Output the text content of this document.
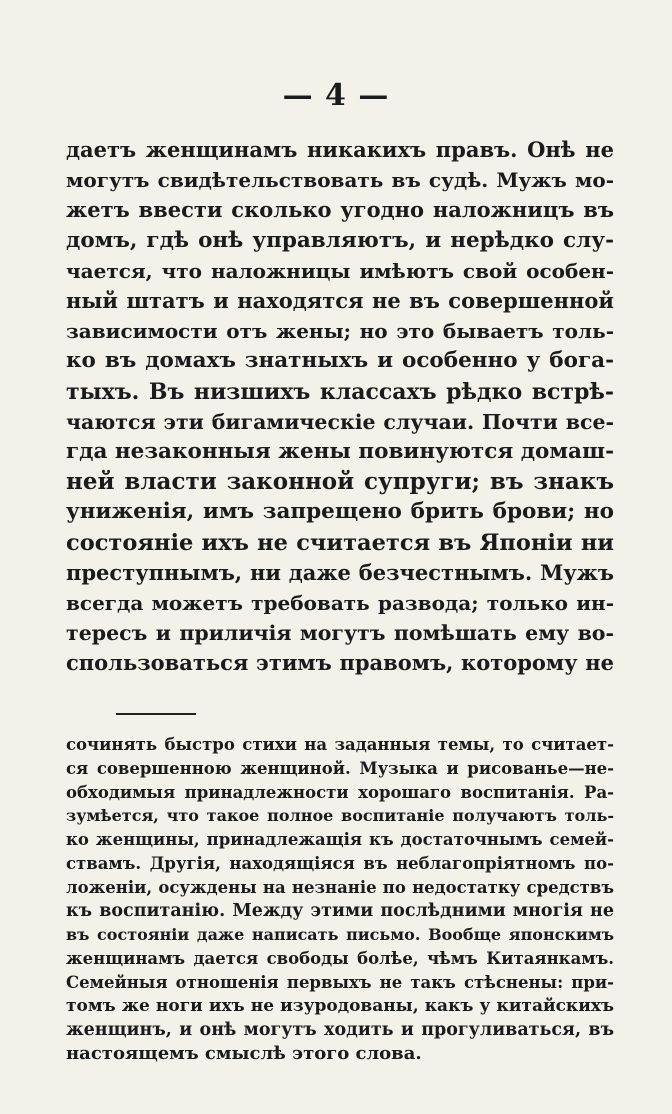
— 4 —
даетъ женщинамъ никакихъ правъ. Онѣ не
могутъ свидѣтельствовать въ судѣ. Мужъ мо-
жетъ ввести сколько угодно наложницъ въ
домъ, гдѣ онѣ управляютъ, и нерѣдко слу-
чается, что наложницы имѣютъ свой особен-
ный штатъ и находятся не въ совершенной
зависимости отъ жены; но это бываетъ толь-
ко въ домахъ знатныхъ и особенно у бога-
тыхъ. Въ низшихъ классахъ рѣдко встрѣ-
чаются эти бигамическіе случаи. Почти все-
гда незаконныя жены повинуются домаш-
ней власти законной супруги; въ знакъ
униженія, имъ запрещено брить брови; но
состояніе ихъ не считается въ Японіи ни
преступнымъ, ни даже безчестнымъ. Мужъ
всегда можетъ требовать развода; только ин-
тересъ и приличія могутъ помѣшать ему во-
спользоваться этимъ правомъ, которому не
сочинять быстро стихи на заданныя темы, то считает-
ся совершенною женщиной. Музыка и рисованье—не-
обходимыя принадлежности хорошаго воспитанія. Ра-
зумѣется, что такое полное воспитаніе получаютъ толь-
ко женщины, принадлежащія къ достаточнымъ семей-
ствамъ. Другія, находящіяся въ неблагопріятномъ по-
ложеніи, осуждены на незнаніе по недостатку средствъ
къ воспитанію. Между этими послѣдними многія не
въ состояніи даже написать письмо. Вообще японскимъ
женщинамъ дается свободы болѣе, чѣмъ Китаянкамъ.
Семейныя отношенія первыхъ не такъ стѣснены: при-
томъ же ноги ихъ не изуродованы, какъ у китайскихъ
женщинъ, и онѣ могутъ ходить и прогуливаться, въ
настоящемъ смыслѣ этого слова.
